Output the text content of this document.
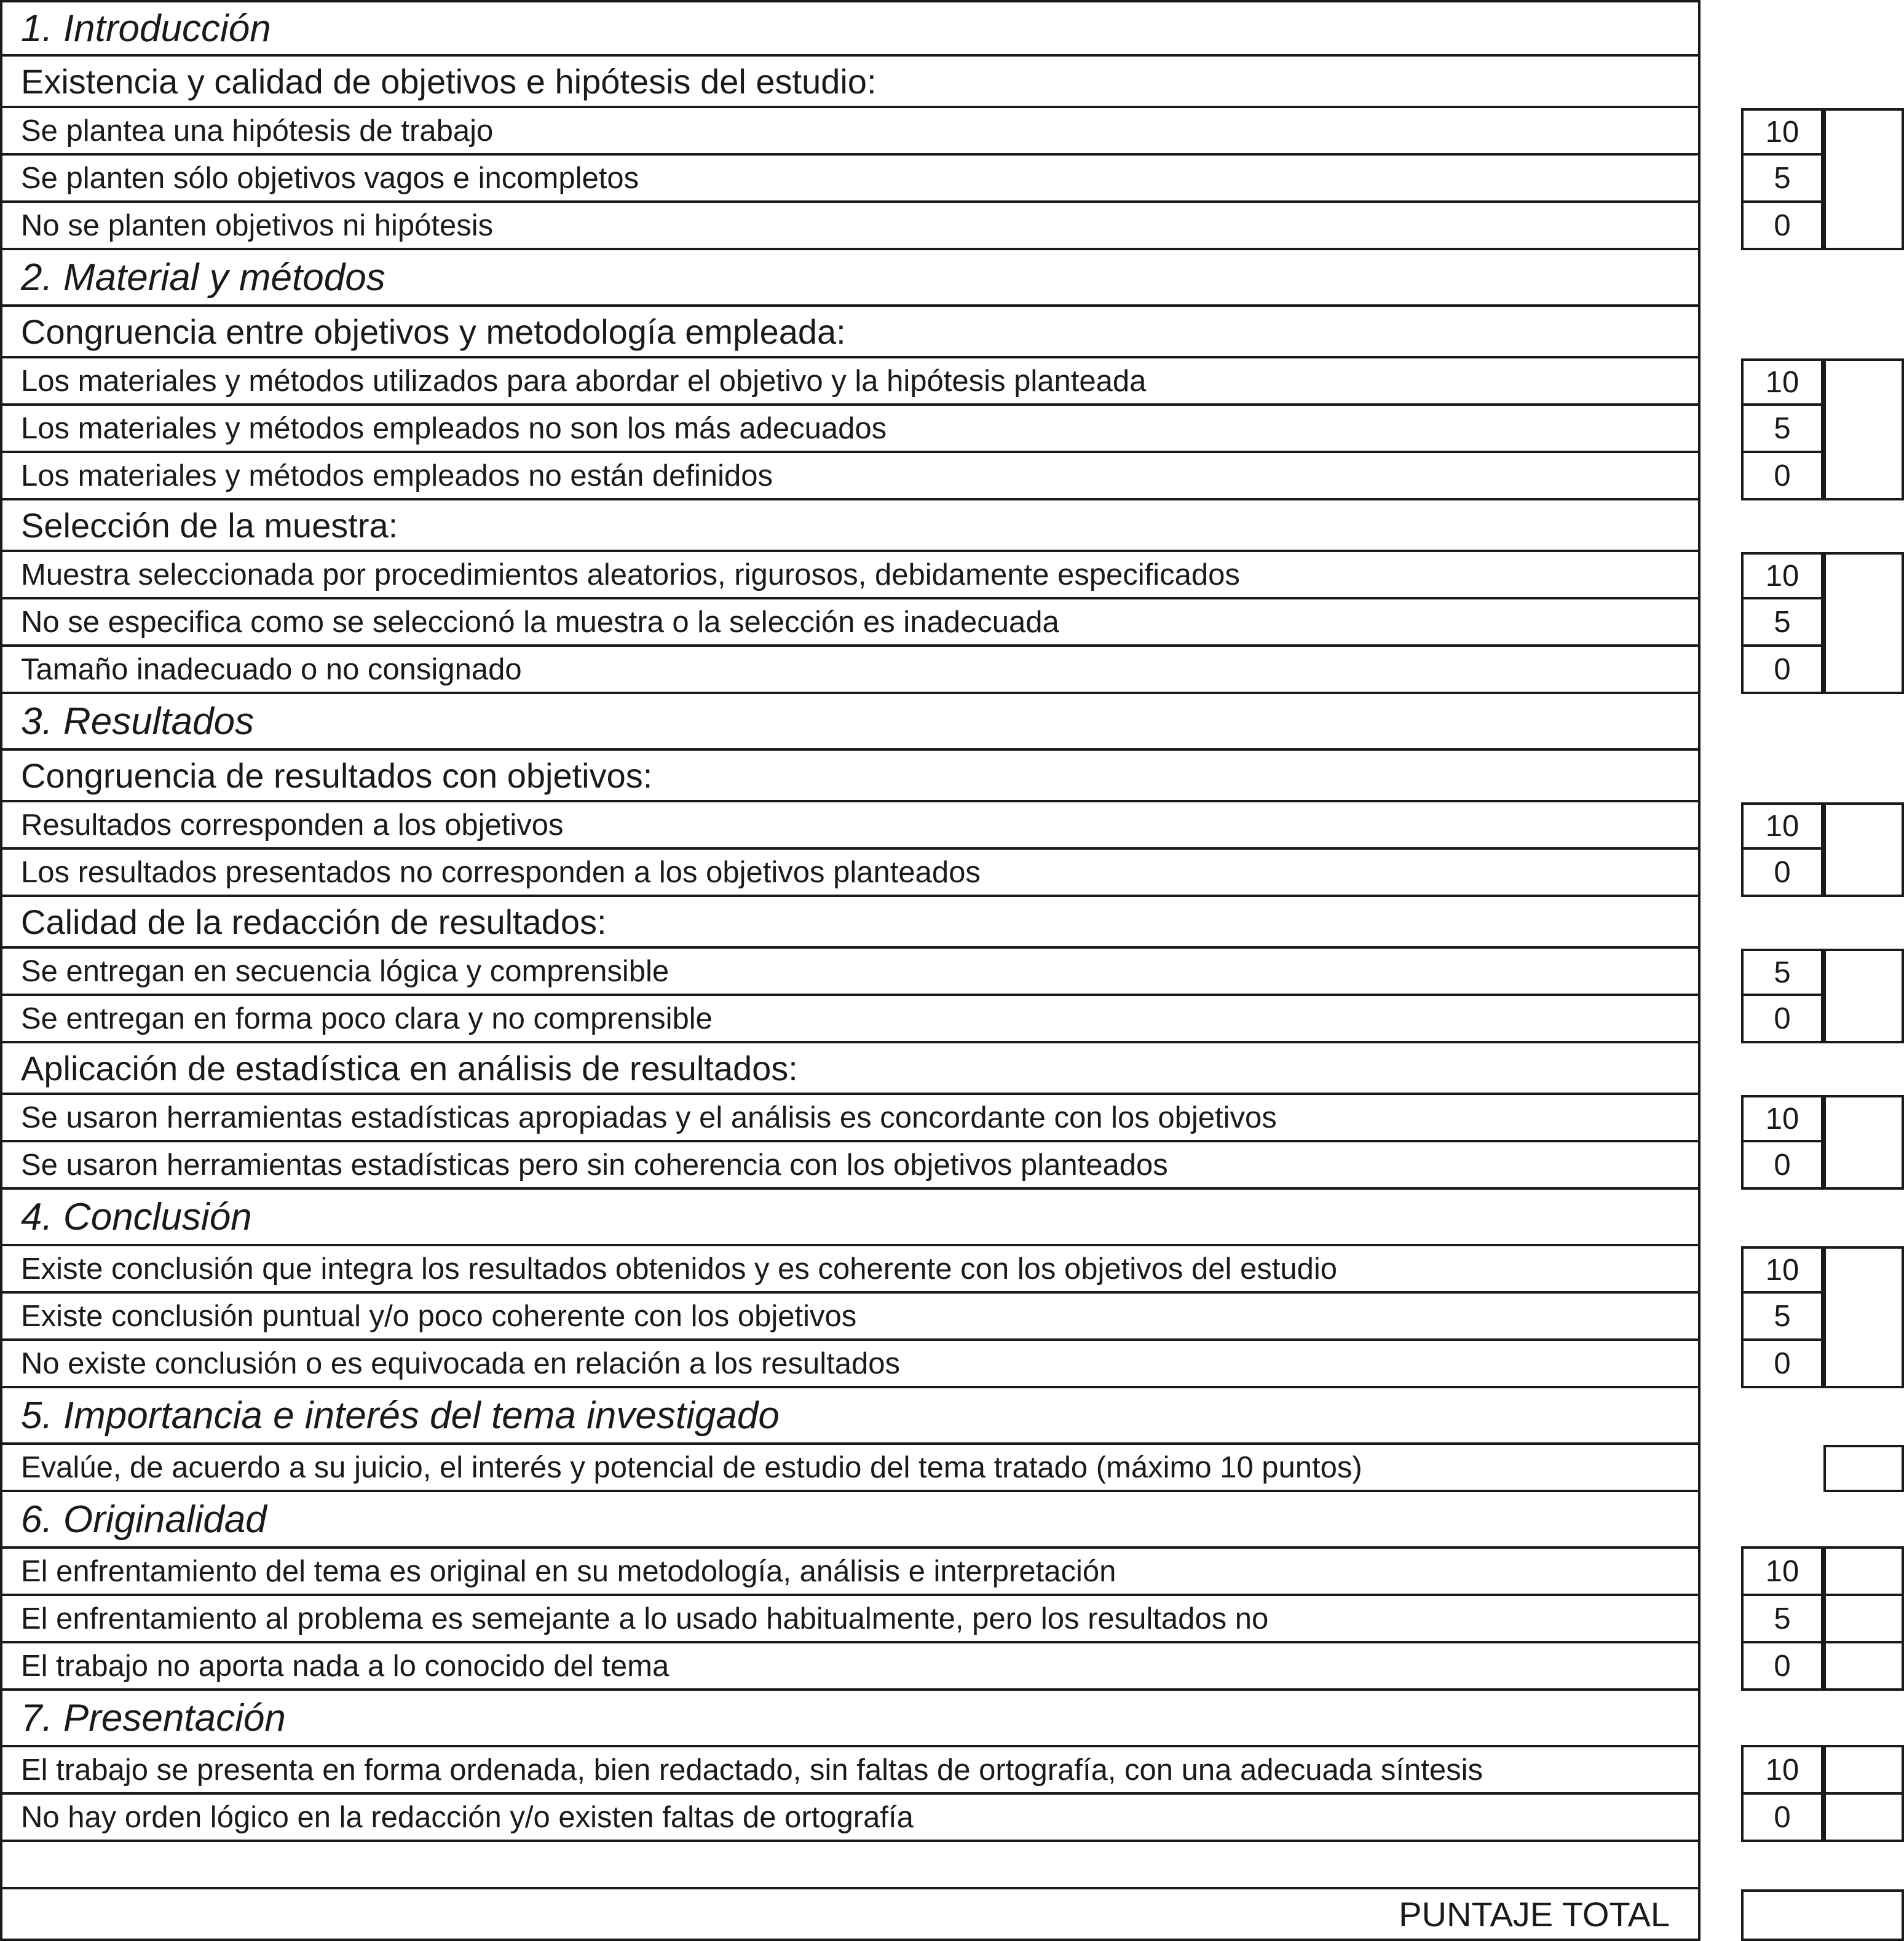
1. Introducción
Existencia y calidad de objetivos e hipótesis del estudio:
Se plantea una hipótesis de trabajo	10
Se planten sólo objetivos vagos e incompletos	5
No se planten objetivos ni hipótesis	0
2. Material y métodos
Congruencia entre objetivos y metodología empleada:
Los materiales y métodos utilizados para abordar el objetivo y la hipótesis planteada	10
Los materiales y métodos empleados no son los más adecuados	5
Los materiales y métodos empleados no están definidos	0
Selección de la muestra:
Muestra seleccionada por procedimientos aleatorios, rigurosos, debidamente especificados	10
No se especifica como se seleccionó la muestra o la selección es inadecuada	5
Tamaño inadecuado o no consignado	0
3. Resultados
Congruencia de resultados con objetivos:
Resultados corresponden a los objetivos	10
Los resultados presentados no corresponden a los objetivos planteados	0
Calidad de la redacción de resultados:
Se entregan en secuencia lógica y comprensible	5
Se entregan en forma poco clara y no comprensible	0
Aplicación de estadística en análisis de resultados:
Se usaron herramientas estadísticas apropiadas y el análisis es concordante con los objetivos	10
Se usaron herramientas estadísticas pero sin coherencia con los objetivos planteados	0
4. Conclusión
Existe conclusión que integra los resultados obtenidos y es coherente con los objetivos del estudio	10
Existe conclusión puntual y/o poco coherente con los objetivos	5
No existe conclusión o es equivocada en relación a los resultados	0
5. Importancia e interés del tema investigado
Evalúe, de acuerdo a su juicio, el interés y potencial de estudio del tema tratado (máximo 10 puntos)
6. Originalidad
El enfrentamiento del tema es original en su metodología, análisis e interpretación	10
El enfrentamiento al problema es semejante a lo usado habitualmente, pero los resultados no	5
El trabajo no aporta nada a lo conocido del tema	0
7. Presentación
El trabajo se presenta en forma ordenada, bien redactado, sin faltas de ortografía, con una adecuada síntesis	10
No hay orden lógico en la redacción y/o existen faltas de ortografía	0
PUNTAJE TOTAL
